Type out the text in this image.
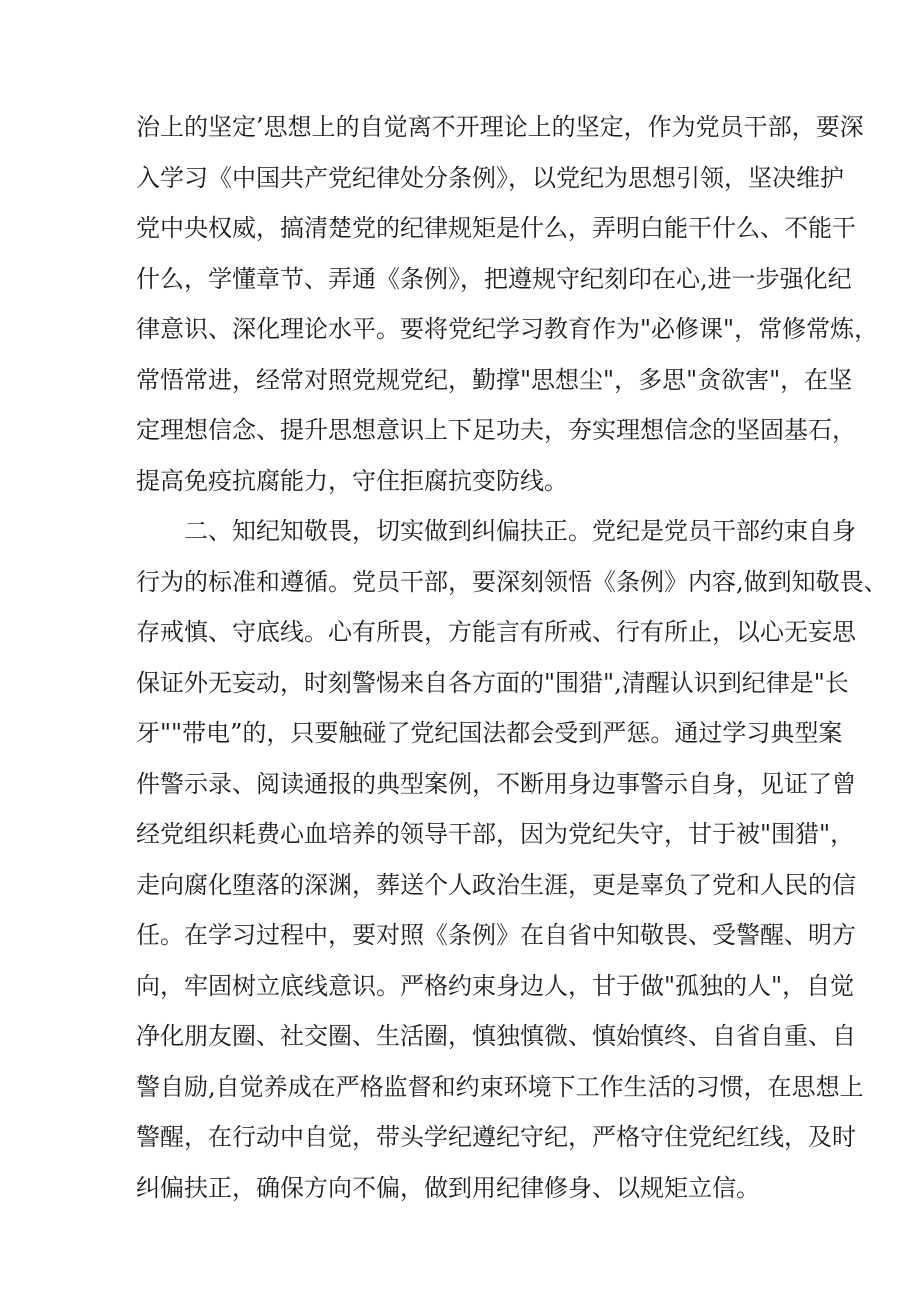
治上的坚定’思想上的自觉离不开理论上的坚定，作为党员干部，要深
入学习《中国共产党纪律处分条例》，以党纪为思想引领，坚决维护
党中央权威，搞清楚党的纪律规矩是什么，弄明白能干什么、不能干
什么，学懂章节、弄通《条例》，把遵规守纪刻印在心,进一步强化纪
律意识、深化理论水平。要将党纪学习教育作为"必修课"，常修常炼，
常悟常进，经常对照党规党纪，勤撑"思想尘"，多思"贪欲害"，在坚
定理想信念、提升思想意识上下足功夫，夯实理想信念的坚固基石，
提高免疫抗腐能力，守住拒腐抗变防线。
二、知纪知敬畏，切实做到纠偏扶正。党纪是党员干部约束自身
行为的标准和遵循。党员干部，要深刻领悟《条例》内容,做到知敬畏、
存戒慎、守底线。心有所畏，方能言有所戒、行有所止，以心无妄思
保证外无妄动，时刻警惕来自各方面的"围猎",清醒认识到纪律是"长
牙""带电”的，只要触碰了党纪国法都会受到严惩。通过学习典型案
件警示录、阅读通报的典型案例，不断用身边事警示自身，见证了曾
经党组织耗费心血培养的领导干部，因为党纪失守，甘于被"围猎"，
走向腐化堕落的深渊，葬送个人政治生涯，更是辜负了党和人民的信
任。在学习过程中，要对照《条例》在自省中知敬畏、受警醒、明方
向，牢固树立底线意识。严格约束身边人，甘于做"孤独的人"，自觉
净化朋友圈、社交圈、生活圈，慎独慎微、慎始慎终、自省自重、自
警自励,自觉养成在严格监督和约束环境下工作生活的习惯，在思想上
警醒，在行动中自觉，带头学纪遵纪守纪，严格守住党纪红线，及时
纠偏扶正，确保方向不偏，做到用纪律修身、以规矩立信。
